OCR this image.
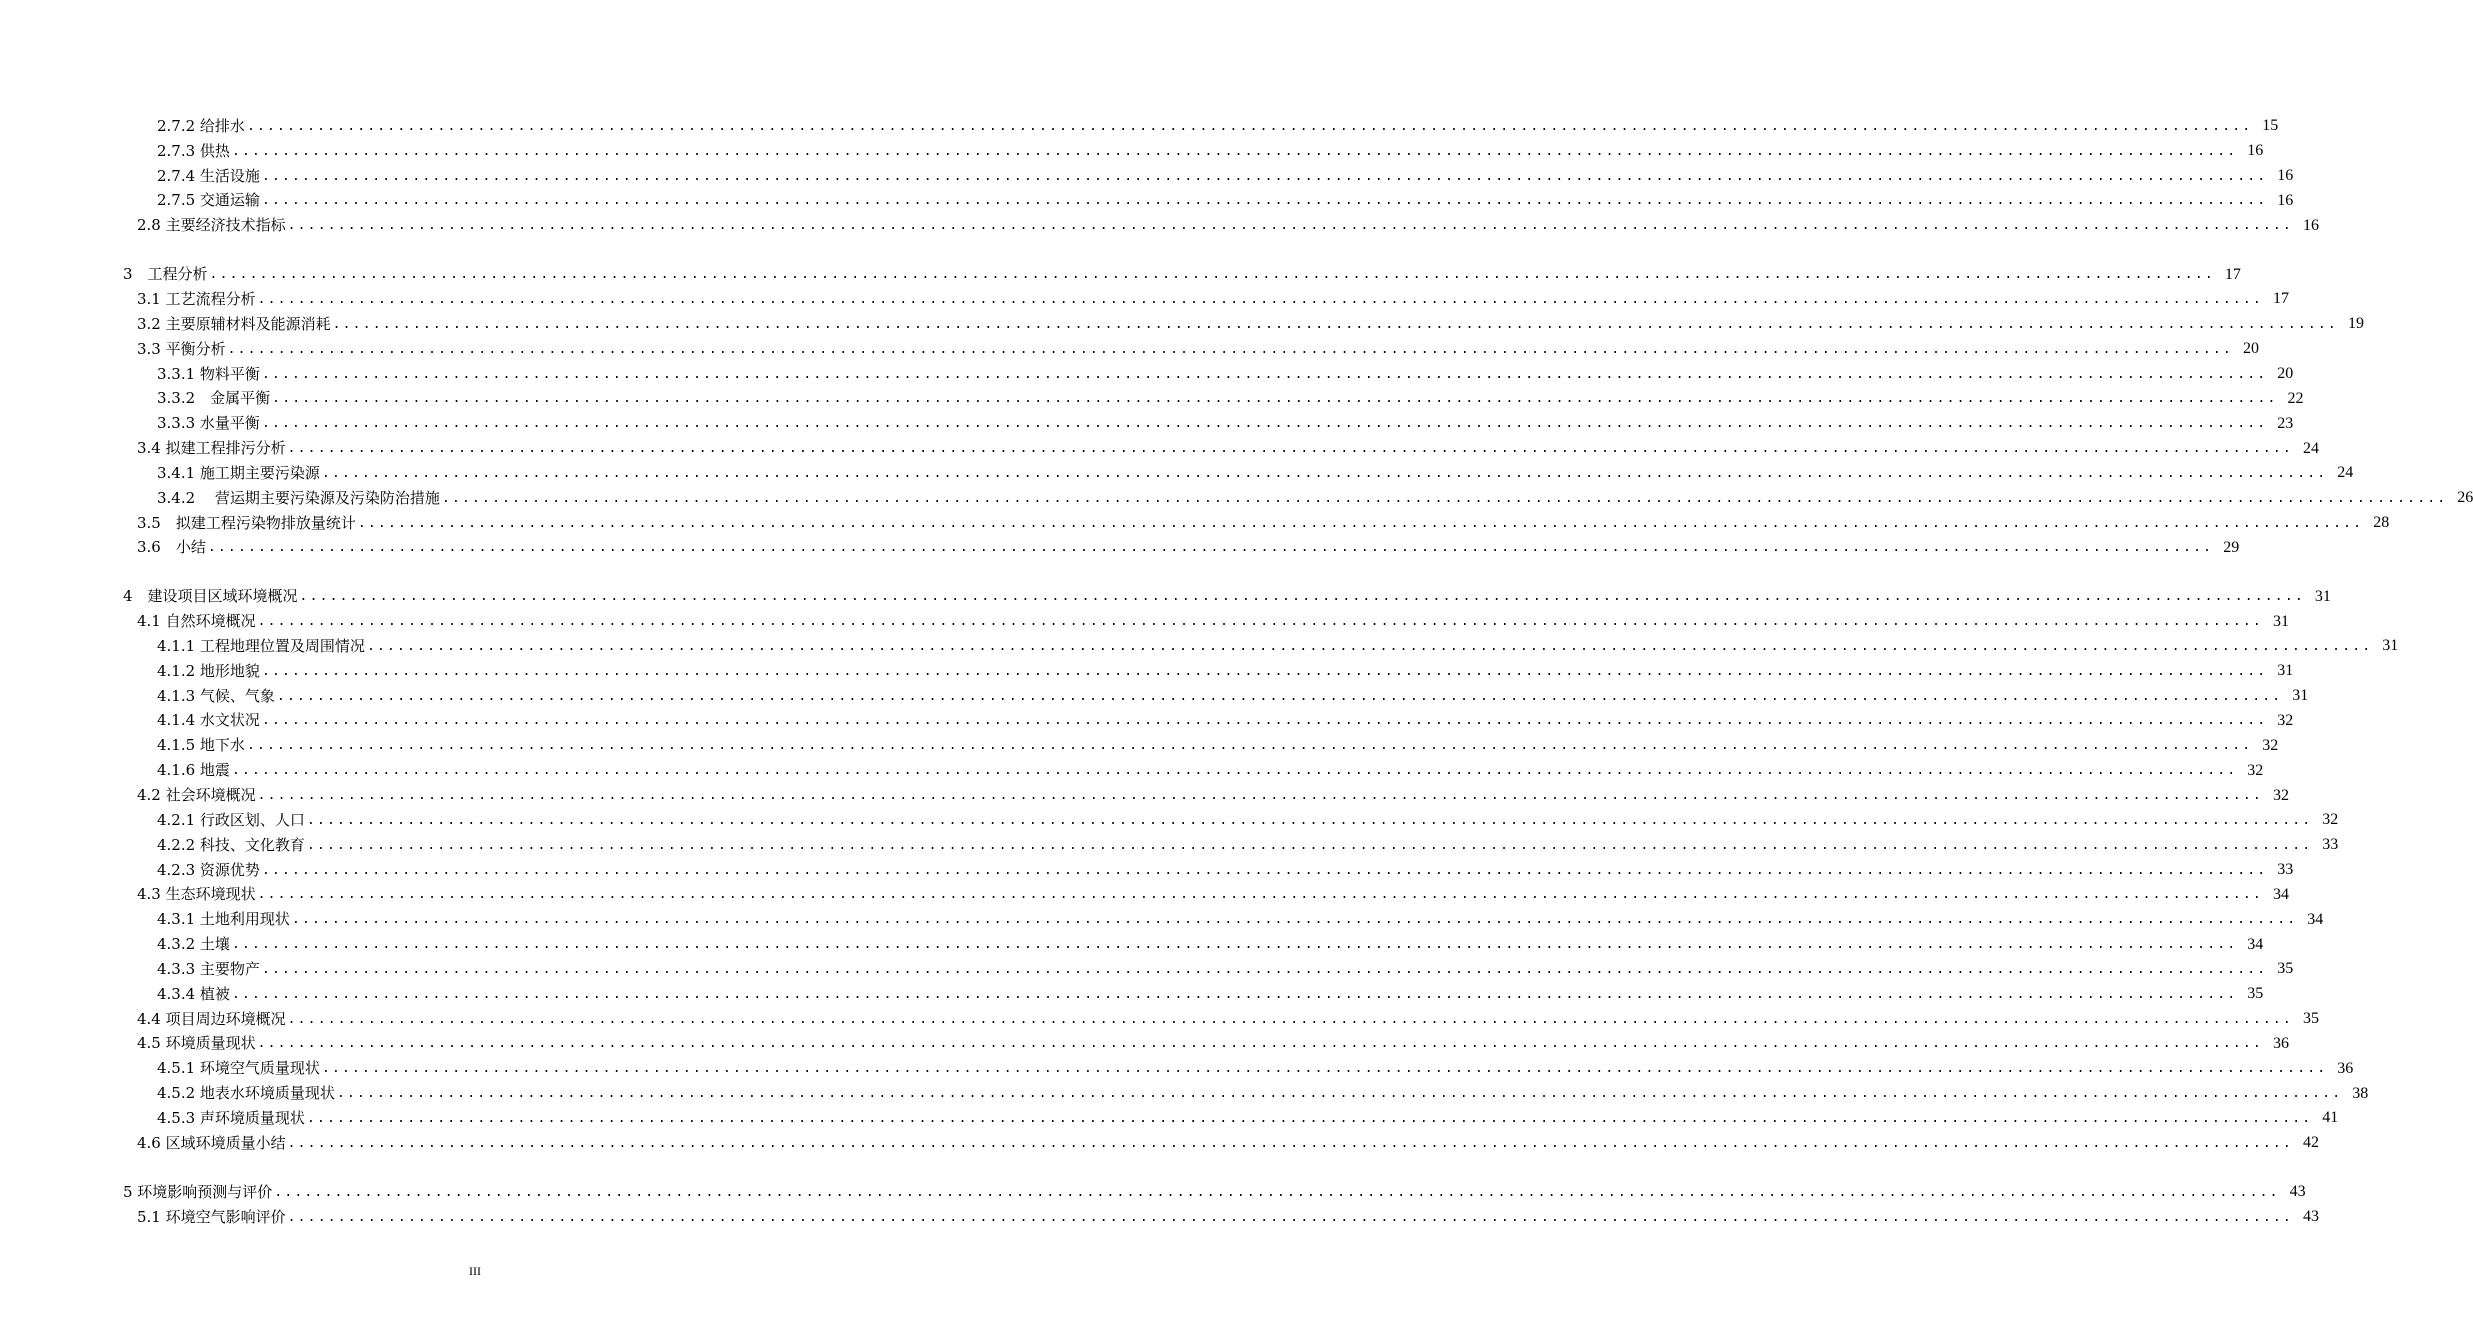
2.7.2 给排水 ........................................................................................................................................................................................................ 15
2.7.3 供热 ........................................................................................................................................................................................................ 16
2.7.4 生活设施 ........................................................................................................................................................................................................ 16
2.7.5 交通运输 ........................................................................................................................................................................................................ 16
2.8 主要经济技术指标 ........................................................................................................................................................................................................ 16
3　工程分析 ........................................................................................................................................................................................................ 17
3.1 工艺流程分析 ........................................................................................................................................................................................................ 17
3.2 主要原辅材料及能源消耗 ........................................................................................................................................................................................................ 19
3.3 平衡分析 ........................................................................................................................................................................................................ 20
3.3.1 物料平衡 ........................................................................................................................................................................................................ 20
3.3.2　金属平衡 ........................................................................................................................................................................................................ 22
3.3.3 水量平衡 ........................................................................................................................................................................................................ 23
3.4 拟建工程排污分析 ........................................................................................................................................................................................................ 24
3.4.1 施工期主要污染源 ........................................................................................................................................................................................................ 24
3.4.2　 营运期主要污染源及污染防治措施 ........................................................................................................................................................................................................ 26
3.5　拟建工程污染物排放量统计 ........................................................................................................................................................................................................ 28
3.6　小结 ........................................................................................................................................................................................................ 29
4　建设项目区域环境概况 ........................................................................................................................................................................................................ 31
4.1 自然环境概况 ........................................................................................................................................................................................................ 31
4.1.1 工程地理位置及周围情况 ........................................................................................................................................................................................................ 31
4.1.2 地形地貌 ........................................................................................................................................................................................................ 31
4.1.3 气候、气象 ........................................................................................................................................................................................................ 31
4.1.4 水文状况 ........................................................................................................................................................................................................ 32
4.1.5 地下水 ........................................................................................................................................................................................................ 32
4.1.6 地震 ........................................................................................................................................................................................................ 32
4.2 社会环境概况 ........................................................................................................................................................................................................ 32
4.2.1 行政区划、人口 ........................................................................................................................................................................................................ 32
4.2.2 科技、文化教育 ........................................................................................................................................................................................................ 33
4.2.3 资源优势 ........................................................................................................................................................................................................ 33
4.3 生态环境现状 ........................................................................................................................................................................................................ 34
4.3.1 土地利用现状 ........................................................................................................................................................................................................ 34
4.3.2 土壤 ........................................................................................................................................................................................................ 34
4.3.3 主要物产 ........................................................................................................................................................................................................ 35
4.3.4 植被 ........................................................................................................................................................................................................ 35
4.4 项目周边环境概况 ........................................................................................................................................................................................................ 35
4.5 环境质量现状 ........................................................................................................................................................................................................ 36
4.5.1 环境空气质量现状 ........................................................................................................................................................................................................ 36
4.5.2 地表水环境质量现状 ........................................................................................................................................................................................................ 38
4.5.3 声环境质量现状 ........................................................................................................................................................................................................ 41
4.6 区域环境质量小结 ........................................................................................................................................................................................................ 42
5 环境影响预测与评价 ........................................................................................................................................................................................................ 43
5.1 环境空气影响评价 ........................................................................................................................................................................................................ 43
III
